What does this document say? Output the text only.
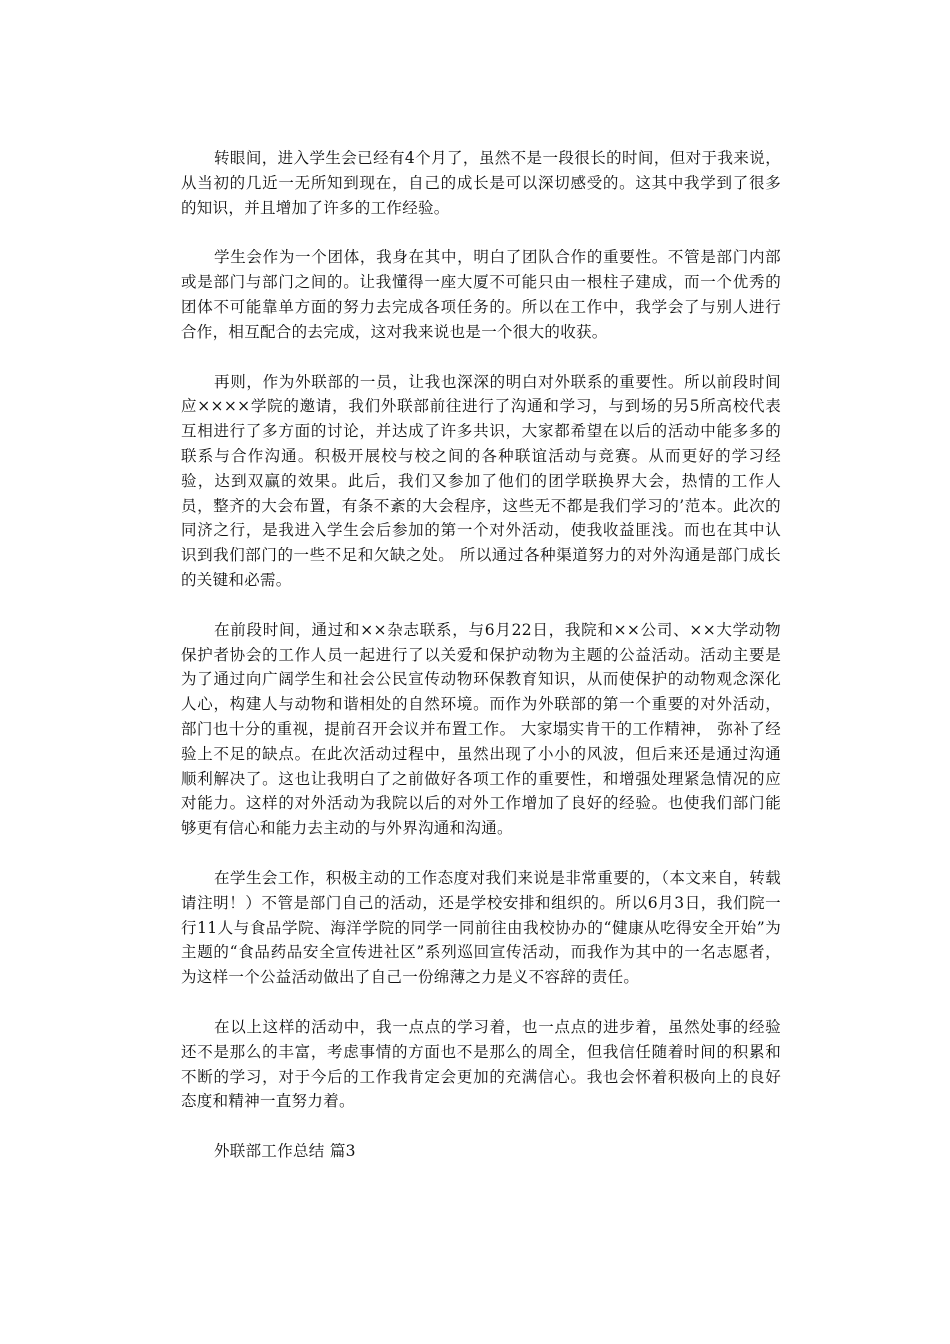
转眼间，进入学生会已经有4个月了，虽然不是一段很长的时间，但对于我来说，从当初的几近一无所知到现在，自己的成长是可以深切感受的。这其中我学到了很多的知识，并且增加了许多的工作经验。

学生会作为一个团体，我身在其中，明白了团队合作的重要性。不管是部门内部或是部门与部门之间的。让我懂得一座大厦不可能只由一根柱子建成，而一个优秀的团体不可能靠单方面的努力去完成各项任务的。所以在工作中，我学会了与别人进行合作，相互配合的去完成，这对我来说也是一个很大的收获。

再则，作为外联部的一员，让我也深深的明白对外联系的重要性。所以前段时间应××××学院的邀请，我们外联部前往进行了沟通和学习，与到场的另5所高校代表互相进行了多方面的讨论，并达成了许多共识，大家都希望在以后的活动中能多多的联系与合作沟通。积极开展校与校之间的各种联谊活动与竞赛。从而更好的学习经验，达到双赢的效果。此后，我们又参加了他们的团学联换界大会，热情的工作人员，整齐的大会布置，有条不紊的大会程序，这些无不都是我们学习的’范本。此次的同济之行，是我进入学生会后参加的第一个对外活动，使我收益匪浅。而也在其中认识到我们部门的一些不足和欠缺之处。 所以通过各种渠道努力的对外沟通是部门成长的关键和必需。

在前段时间，通过和××杂志联系，与6月22日，我院和××公司、××大学动物保护者协会的工作人员一起进行了以关爱和保护动物为主题的公益活动。活动主要是为了通过向广阔学生和社会公民宣传动物环保教育知识，从而使保护的动物观念深化人心，构建人与动物和谐相处的自然环境。而作为外联部的第一个重要的对外活动，部门也十分的重视，提前召开会议并布置工作。 大家塌实肯干的工作精神， 弥补了经验上不足的缺点。在此次活动过程中，虽然出现了小小的风波，但后来还是通过沟通顺利解决了。这也让我明白了之前做好各项工作的重要性，和增强处理紧急情况的应对能力。这样的对外活动为我院以后的对外工作增加了良好的经验。也使我们部门能够更有信心和能力去主动的与外界沟通和沟通。

在学生会工作，积极主动的工作态度对我们来说是非常重要的，（本文来自，转载请注明！）不管是部门自己的活动，还是学校安排和组织的。所以6月3日，我们院一行11人与食品学院、海洋学院的同学一同前往由我校协办的“健康从吃得安全开始”为主题的“食品药品安全宣传进社区”系列巡回宣传活动，而我作为其中的一名志愿者，为这样一个公益活动做出了自己一份绵薄之力是义不容辞的责任。

在以上这样的活动中，我一点点的学习着，也一点点的进步着，虽然处事的经验还不是那么的丰富，考虑事情的方面也不是那么的周全，但我信任随着时间的积累和不断的学习，对于今后的工作我肯定会更加的充满信心。我也会怀着积极向上的良好态度和精神一直努力着。

外联部工作总结 篇3
